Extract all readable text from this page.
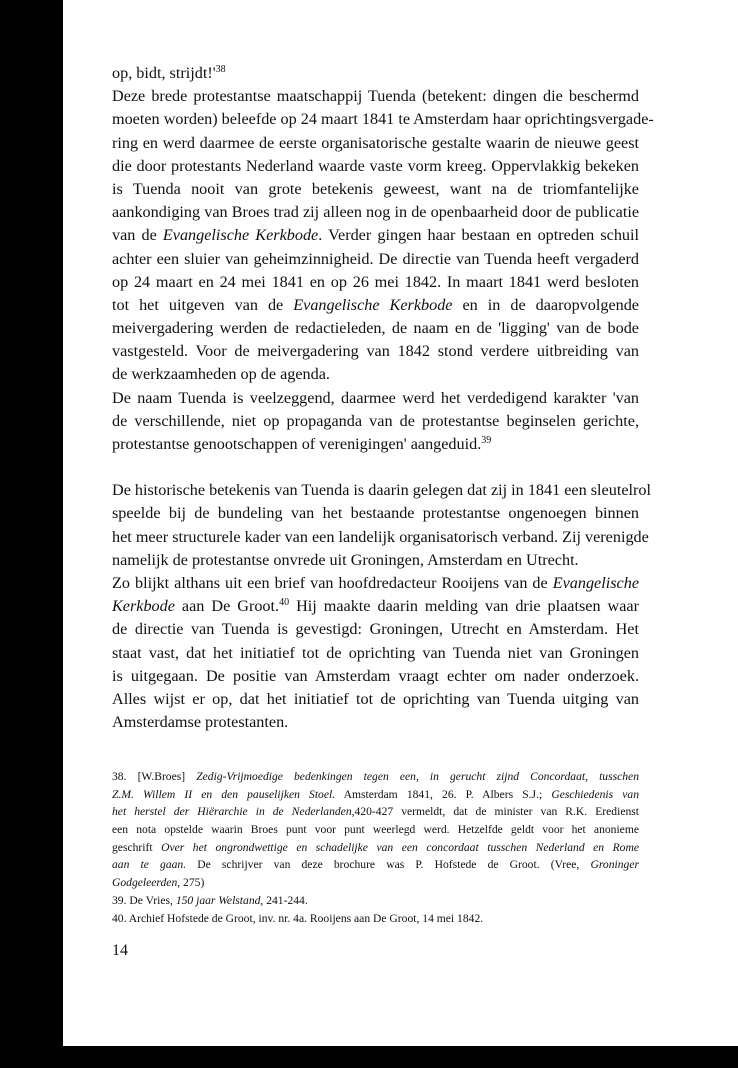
op, bidt, $strijdt!'^{38}$
Deze brede protestantse maatschappij Tuenda (betekent: dingen die beschermd
moeten worden) beleefde op 24 maart 1841 te Amsterdam haar oprichtingsvergade-
ring en werd daarmee de eerste organisatorische gestalte waarin de nieuwe geest
die door protestants Nederland waarde vaste vorm kreeg. Oppervlakkig bekeken
is Tuenda nooit van grote betekenis geweest, want na de triomfantelijke
aankondiging van Broes trad zij alleen nog in de openbaarheid door de publicatie
van de Evangelische Kerkbode. Verder gingen haar bestaan en optreden schuil
achter een sluier van geheimzinnigheid. De directie van Tuenda heeft vergaderd
op 24 maart en 24 mei 1841 en op 26 mei 1842. In maart 1841 werd besloten
tot het uitgeven van de Evangelische Kerkbode en in de daaropvolgende
meivergadering werden de redactieleden, de naam en de 'ligging' van de bode
vastgesteld. Voor de meivergadering van 1842 stond verdere uitbreiding van
de werkzaamheden op de agenda.
De naam Tuenda is veelzeggend, daarmee werd het verdedigend karakter 'van
de verschillende, niet op propaganda van de protestantse beginselen gerichte,
protestantse genootschappen of verenigingen' aangeduid.$^{39}$
De historische betekenis van Tuenda is daarin gelegen dat zij in 1841 een sleutelrol
speelde bij de bundeling van het bestaande protestantse ongenoegen binnen
het meer structurele kader van een landelijk organisatorisch verband. Zij verenigde
namelijk de protestantse onvrede uit Groningen, Amsterdam en Utrecht.
Zo blijkt althans uit een brief van hoofdredacteur Rooijens van de Evangelische
Kerkbode aan De Groot.$^{40}$ Hij maakte daarin melding van drie plaatsen waar
de directie van Tuenda is gevestigd: Groningen, Utrecht en Amsterdam. Het
staat vast, dat het initiatief tot de oprichting van Tuenda niet van Groningen
is uitgegaan. De positie van Amsterdam vraagt echter om nader onderzoek.
Alles wijst er op, dat het initiatief tot de oprichting van Tuenda uitging van
Amsterdamse protestanten.
38. [W.Broes] Zedig-Vrijmoedige bedenkingen tegen een, in gerucht zijnd Concordaat, tusschen
Z.M. Willem II en den pauselijken Stoel. Amsterdam 1841, 26. P. Albers S.J.; Geschiedenis van
het herstel der Hiërarchie in de Nederlanden,420-427 vermeldt, dat de minister van R.K. Eredienst
een nota opstelde waarin Broes punt voor punt weerlegd werd. Hetzelfde geldt voor het anonieme
geschrift Over het ongrondwettige en schadelijke van een concordaat tusschen Nederland en Rome
aan te gaan. De schrijver van deze brochure was P. Hofstede de Groot. (Vree, Groninger
Godgeleerden, 275)
39. De Vries, 150 jaar Welstand, 241-244.
40. Archief Hofstede de Groot, inv. nr. 4a. Rooijens aan De Groot, 14 mei 1842.
14
